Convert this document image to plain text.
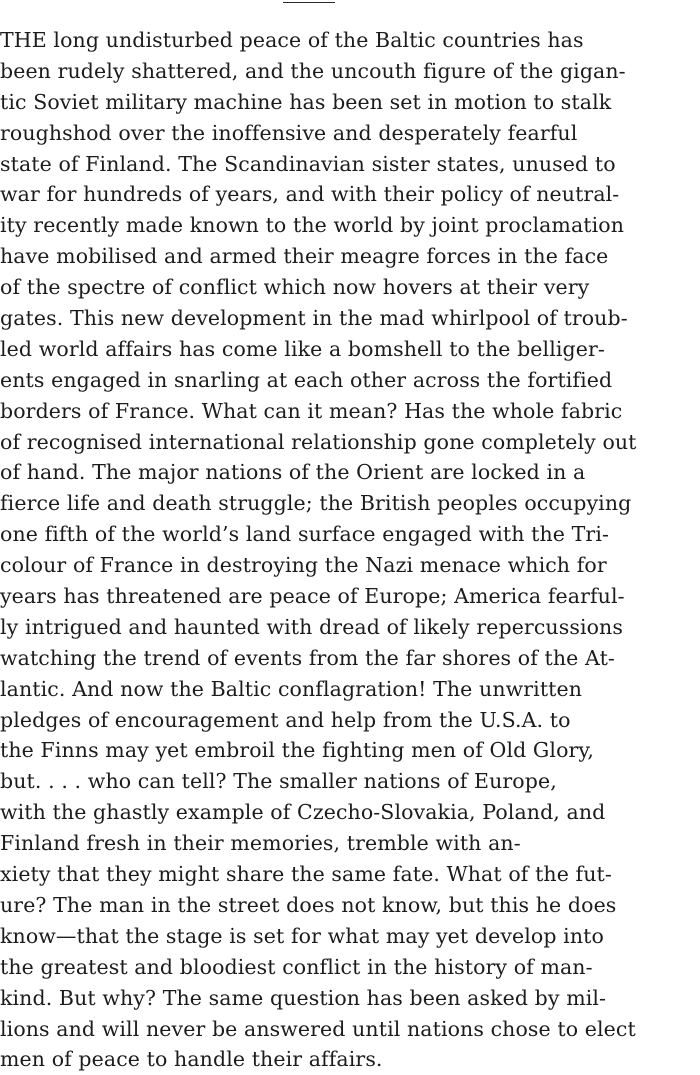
THE long undisturbed peace of the Baltic countries has
been rudely shattered, and the uncouth figure of the gigan-
tic Soviet military machine has been set in motion to stalk
roughshod over the inoffensive and desperately fearful
state of Finland. The Scandinavian sister states, unused to
war for hundreds of years, and with their policy of neutral-
ity recently made known to the world by joint proclamation
have mobilised and armed their meagre forces in the face
of the spectre of conflict which now hovers at their very
gates. This new development in the mad whirlpool of troub-
led world affairs has come like a bomshell to the belliger-
ents engaged in snarling at each other across the fortified
borders of France. What can it mean? Has the whole fabric
of recognised international relationship gone completely out
of hand. The major nations of the Orient are locked in a
fierce life and death struggle; the British peoples occupying
one fifth of the world’s land surface engaged with the Tri-
colour of France in destroying the Nazi menace which for
years has threatened are peace of Europe; America fearful-
ly intrigued and haunted with dread of likely repercussions
watching the trend of events from the far shores of the At-
lantic. And now the Baltic conflagration! The unwritten
pledges of encouragement and help from the U.S.A. to
the Finns may yet embroil the fighting men of Old Glory,
but. . . . who can tell? The smaller nations of Europe,
with the ghastly example of Czecho-Slovakia, Poland, and
Finland fresh in their memories, tremble with an-
xiety that they might share the same fate. What of the fut-
ure? The man in the street does not know, but this he does
know—that the stage is set for what may yet develop into
the greatest and bloodiest conflict in the history of man-
kind. But why? The same question has been asked by mil-
lions and will never be answered until nations chose to elect
men of peace to handle their affairs.
